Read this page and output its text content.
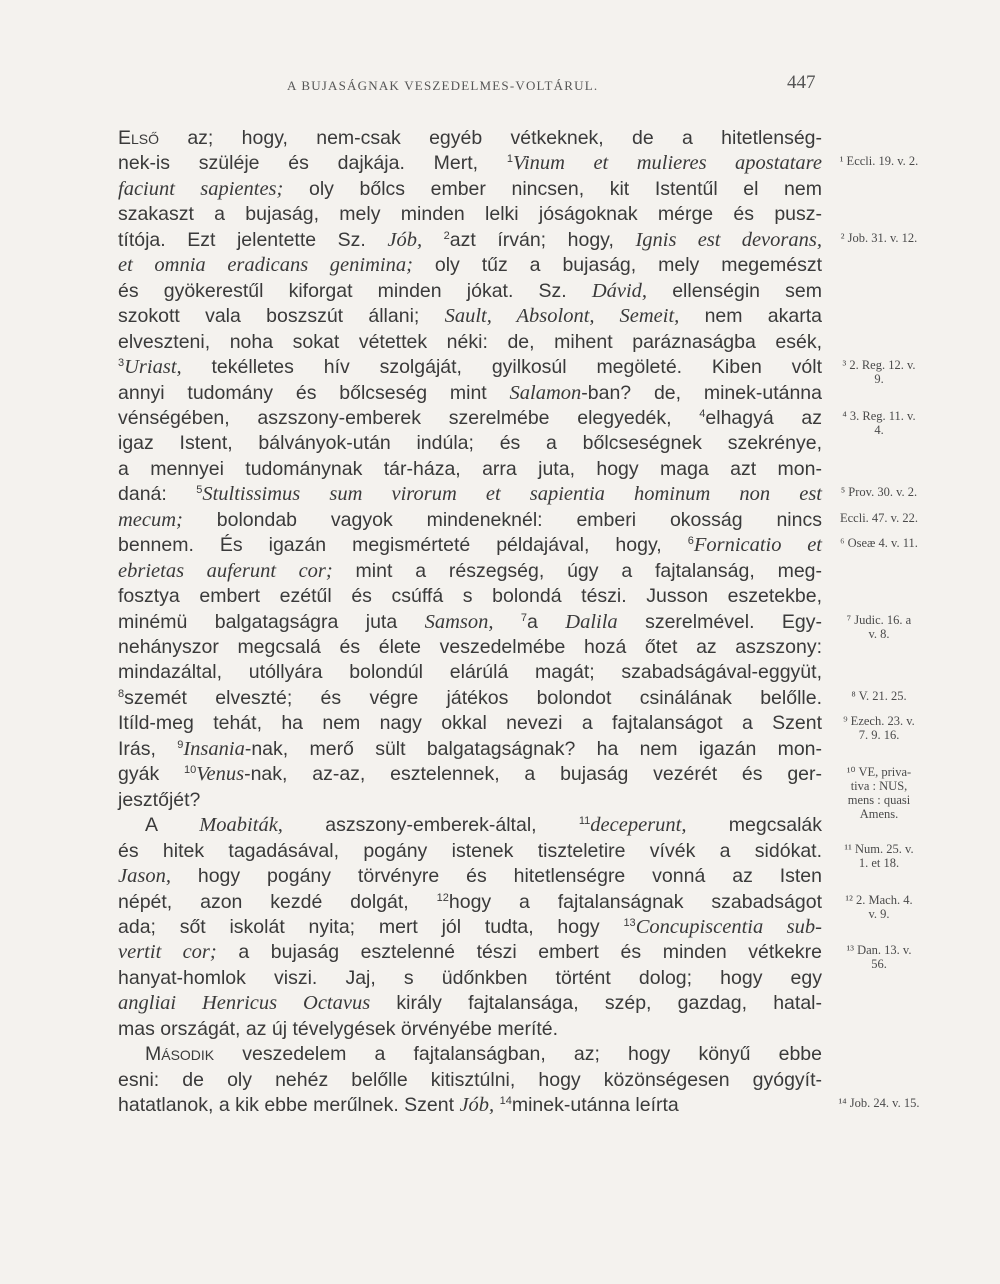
A BUJASÁGNAK VESZEDELMES-VOLTÁRUL.	447
Első az; hogy, nem-csak egyéb vétkeknek, de a hitetlenség-
nek-is szüléje és dajkája. Mert, $^1$Vinum et mulieres apostatare
faciunt sapientes; oly bőlcs ember nincsen, kit Istentűl el nem
szakaszt a bujaság, mely minden lelki jóságoknak mérge és pusz-
títója. Ezt jelentette Sz. Jób, $^2$azt írván; hogy, Ignis est devorans,
et omnia eradicans genimina; oly tűz a bujaság, mely megemészt
és gyökerestűl kiforgat minden jókat. Sz. Dávid, ellenségin sem
szokott vala boszszút állani; Sault, Absolont, Semeit, nem akarta
elveszteni, noha sokat vétettek néki: de, mihent paráznaságba esék,
$^3$Uriast, tekélletes hív szolgáját, gyilkosúl megöleté. Kiben vólt
annyi tudomány és bőlcseség mint Salamon-ban? de, minek-utánna
vénségében, aszszony-emberek szerelmébe elegyedék, $^4$elhagyá az
igaz Istent, bálványok-után indúla; és a bőlcseségnek szekrénye,
a mennyei tudománynak tár-háza, arra juta, hogy maga azt mon-
daná: $^5$Stultissimus sum virorum et sapientia hominum non est
mecum; bolondab vagyok mindeneknél: emberi okosság nincs
bennem. És igazán megismérteté példajával, hogy, $^6$Fornicatio et
ebrietas auferunt cor; mint a részegség, úgy a fajtalanság, meg-
fosztya embert ezétűl és csúffá s bolondá tészi. Jusson eszetekbe,
minémü balgatagságra juta Samson, $^7$a Dalila szerelmével. Egy-
nehányszor megcsalá és élete veszedelmébe hozá őtet az aszszony:
mindazáltal, utóllyára bolondúl elárúlá magát; szabadságával-eggyüt,
$^8$szemét elveszté; és végre játékos bolondot csinálának belőlle.
Itíld-meg tehát, ha nem nagy okkal nevezi a fajtalanságot a Szent
Irás, $^9$Insania-nak, merő sült balgatagságnak? ha nem igazán mon-
gyák $^{10}$Venus-nak, az-az, esztelennek, a bujaság vezérét és ger-
jesztőjét?
A Moabiták, aszszony-emberek-által, $^{11}$deceperunt, megcsalák
és hitek tagadásával, pogány istenek tiszteletire vívék a sidókat.
Jason, hogy pogány törvényre és hitetlenségre vonná az Isten
népét, azon kezdé dolgát, $^{12}$hogy a fajtalanságnak szabadságot
ada; sőt iskolát nyita; mert jól tudta, hogy $^{13}$Concupiscentia sub-
vertit cor; a bujaság esztelenné tészi embert és minden vétkekre
hanyat-homlok viszi. Jaj, s üdőnkben történt dolog; hogy egy
angliai Henricus Octavus király fajtalansága, szép, gazdag, hatal-
mas országát, az új tévelygések örvényébe meríté.
Második veszedelem a fajtalanságban, az; hogy könyű ebbe
esni: de oly nehéz belőlle kitisztúlni, hogy közönségesen gyógyít-
hatatlanok, a kik ebbe merűlnek. Szent Jób, $^{14}$minek-utánna leírta
¹ Eccli. 19. v. 2.
² Job. 31. v. 12.
³ 2. Reg. 12. v.
9.
⁴ 3. Reg. 11. v.
4.
⁵ Prov. 30. v. 2.
Eccli. 47. v. 22.
⁶ Oseæ 4. v. 11.
⁷ Judic. 16. a
v. 8.
⁸ V. 21. 25.
⁹ Ezech. 23. v.
7. 9. 16.
¹⁰ VE, priva-
tiva : NUS,
mens : quasi
Amens.
¹¹ Num. 25. v.
1. et 18.
¹² 2. Mach. 4.
v. 9.
¹³ Dan. 13. v.
56.
¹⁴ Job. 24. v. 15.
